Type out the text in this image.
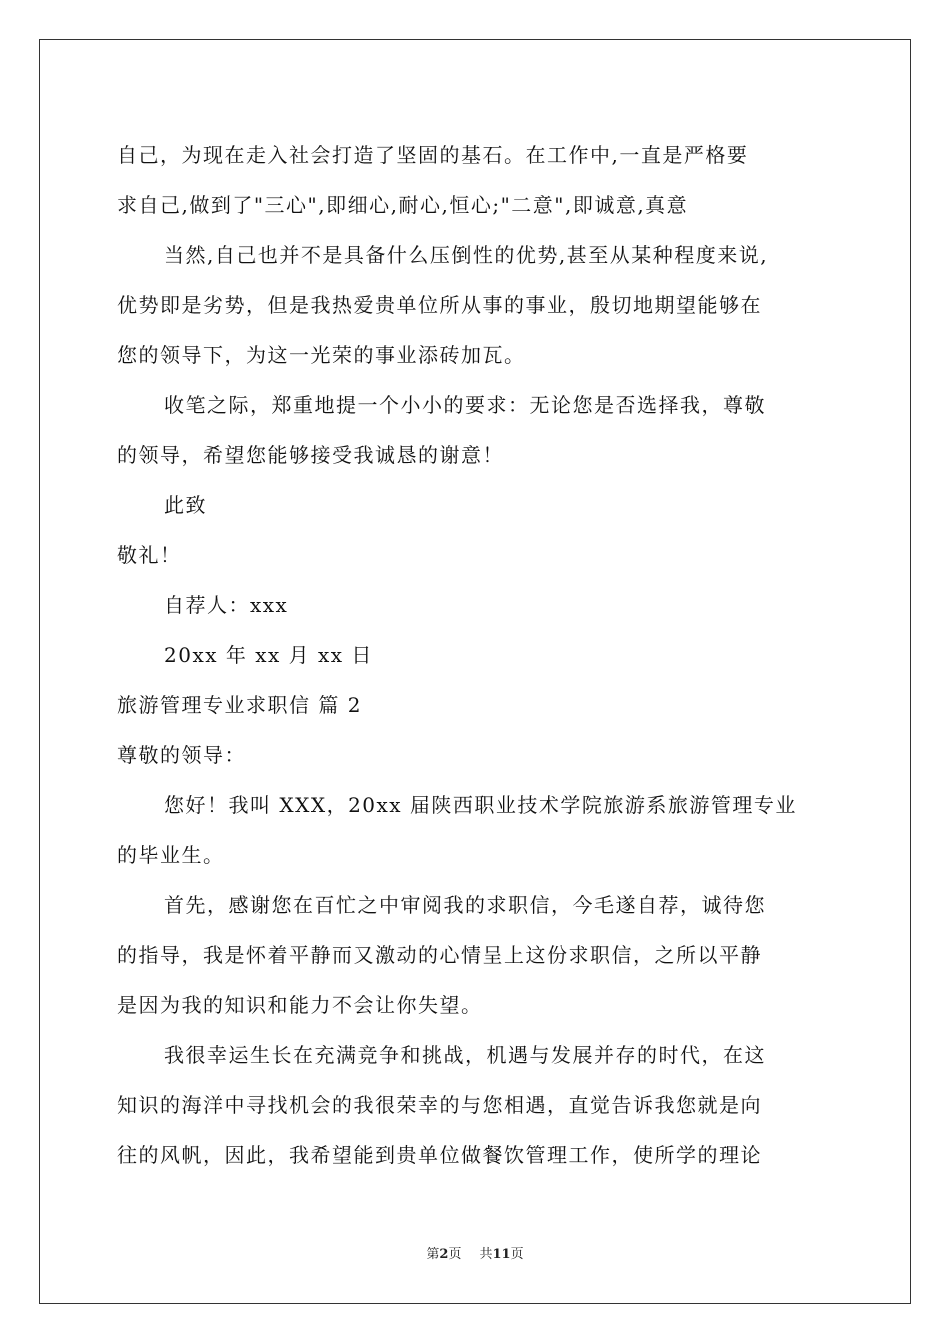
自己，为现在走入社会打造了坚固的基石。在工作中,一直是严格要
求自己,做到了"三心",即细心,耐心,恒心;"二意",即诚意,真意
当然,自己也并不是具备什么压倒性的优势,甚至从某种程度来说,
优势即是劣势，但是我热爱贵单位所从事的事业，殷切地期望能够在
您的领导下，为这一光荣的事业添砖加瓦。
收笔之际，郑重地提一个小小的要求：无论您是否选择我，尊敬
的领导，希望您能够接受我诚恳的谢意！
此致
敬礼！
自荐人：xxx
20xx 年 xx 月 xx 日
旅游管理专业求职信 篇 2
尊敬的领导：
您好！我叫 XXX，20xx 届陕西职业技术学院旅游系旅游管理专业
的毕业生。
首先，感谢您在百忙之中审阅我的求职信，今毛遂自荐，诚待您
的指导，我是怀着平静而又激动的心情呈上这份求职信，之所以平静
是因为我的知识和能力不会让你失望。
我很幸运生长在充满竞争和挑战，机遇与发展并存的时代，在这
知识的海洋中寻找机会的我很荣幸的与您相遇，直觉告诉我您就是向
往的风帆，因此，我希望能到贵单位做餐饮管理工作，使所学的理论
第2页 共11页
